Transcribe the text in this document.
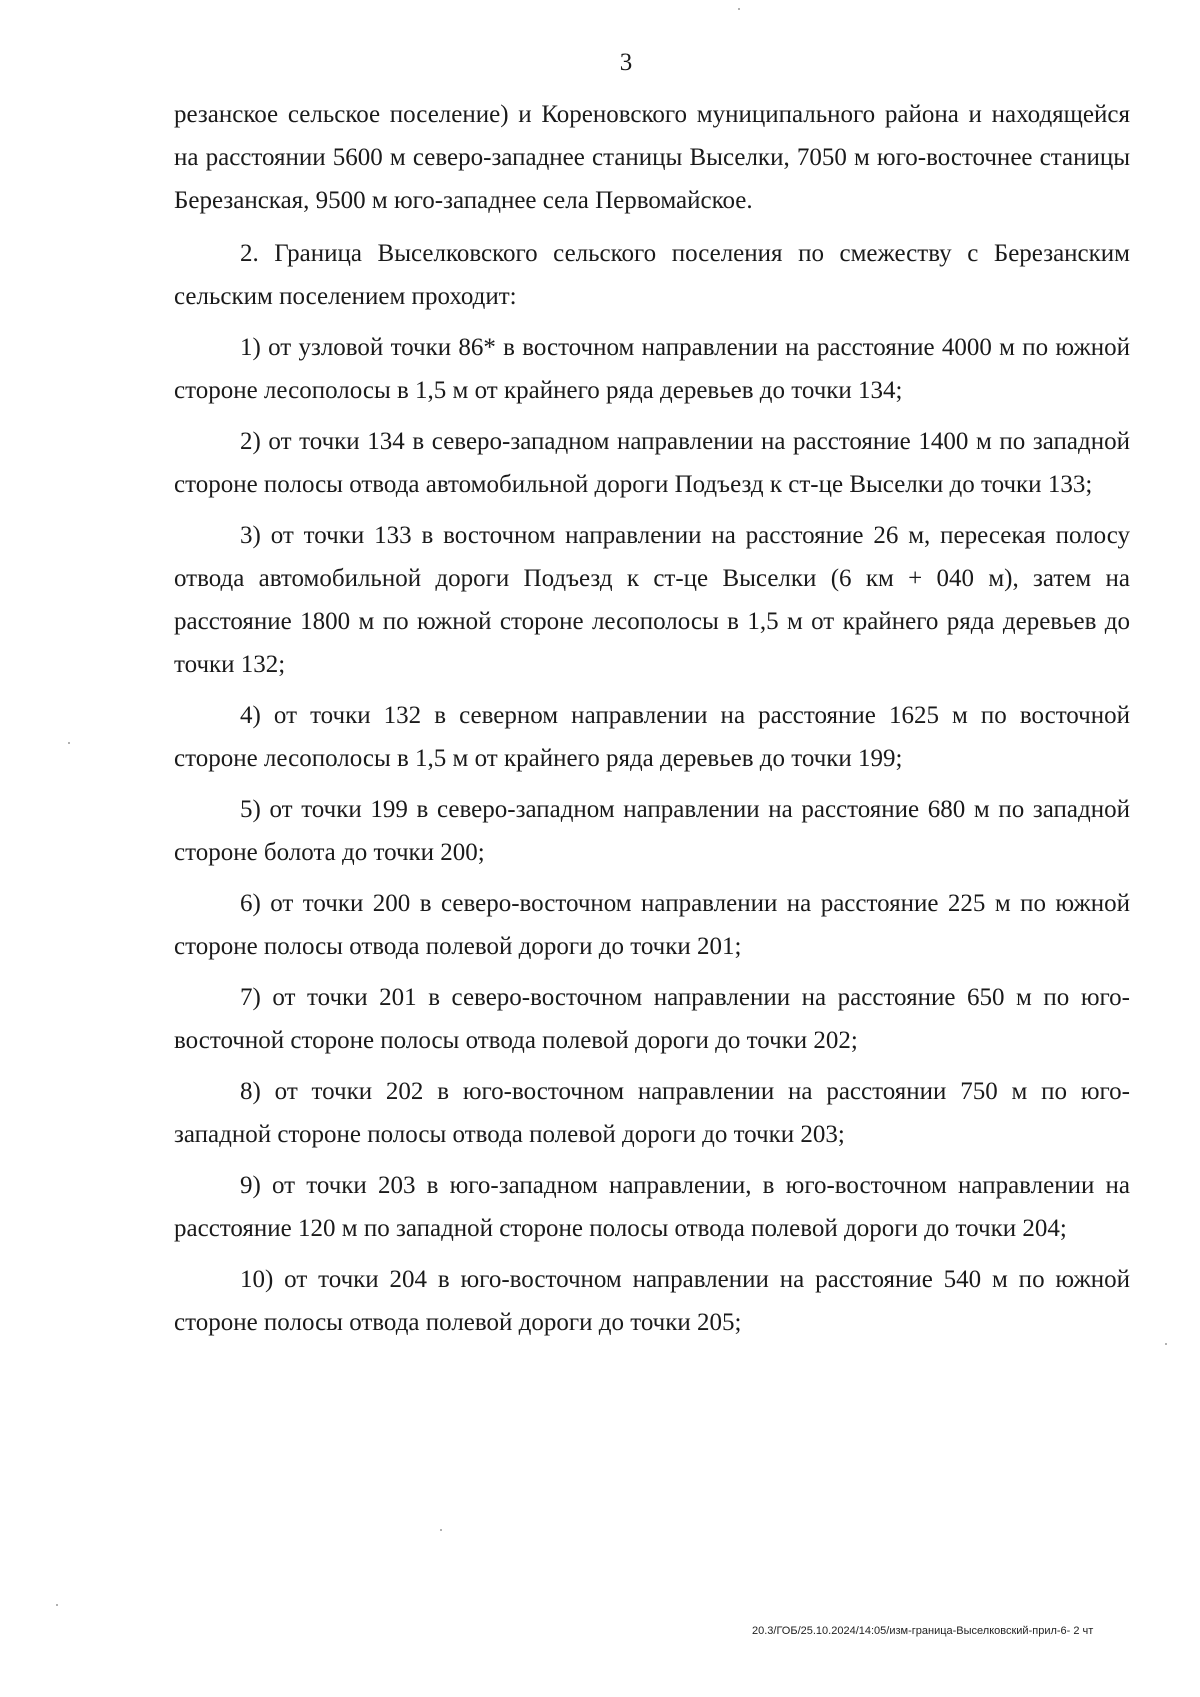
3

резанское сельское поселение) и Кореновского муниципального района и находящейся на расстоянии 5600 м северо-западнее станицы Выселки, 7050 м юго-восточнее станицы Березанская, 9500 м юго-западнее села Первомайское.

2. Граница Выселковского сельского поселения по смежеству с Березанским сельским поселением проходит:

1) от узловой точки 86* в восточном направлении на расстояние 4000 м по южной стороне лесополосы в 1,5 м от крайнего ряда деревьев до точки 134;

2) от точки 134 в северо-западном направлении на расстояние 1400 м по западной стороне полосы отвода автомобильной дороги Подъезд к ст-це Выселки до точки 133;

3) от точки 133 в восточном направлении на расстояние 26 м, пересекая полосу отвода автомобильной дороги Подъезд к ст-це Выселки (6 км + 040 м), затем на расстояние 1800 м по южной стороне лесополосы в 1,5 м от крайнего ряда деревьев до точки 132;

4) от точки 132 в северном направлении на расстояние 1625 м по восточной стороне лесополосы в 1,5 м от крайнего ряда деревьев до точки 199;

5) от точки 199 в северо-западном направлении на расстояние 680 м по западной стороне болота до точки 200;

6) от точки 200 в северо-восточном направлении на расстояние 225 м по южной стороне полосы отвода полевой дороги до точки 201;

7) от точки 201 в северо-восточном направлении на расстояние 650 м по юго-восточной стороне полосы отвода полевой дороги до точки 202;

8) от точки 202 в юго-восточном направлении на расстоянии 750 м по юго-западной стороне полосы отвода полевой дороги до точки 203;

9) от точки 203 в юго-западном направлении, в юго-восточном направлении на расстояние 120 м по западной стороне полосы отвода полевой дороги до точки 204;

10) от точки 204 в юго-восточном направлении на расстояние 540 м по южной стороне полосы отвода полевой дороги до точки 205;

20.3/ГОБ/25.10.2024/14:05/изм-граница-Выселковский-прил-6- 2 чт
